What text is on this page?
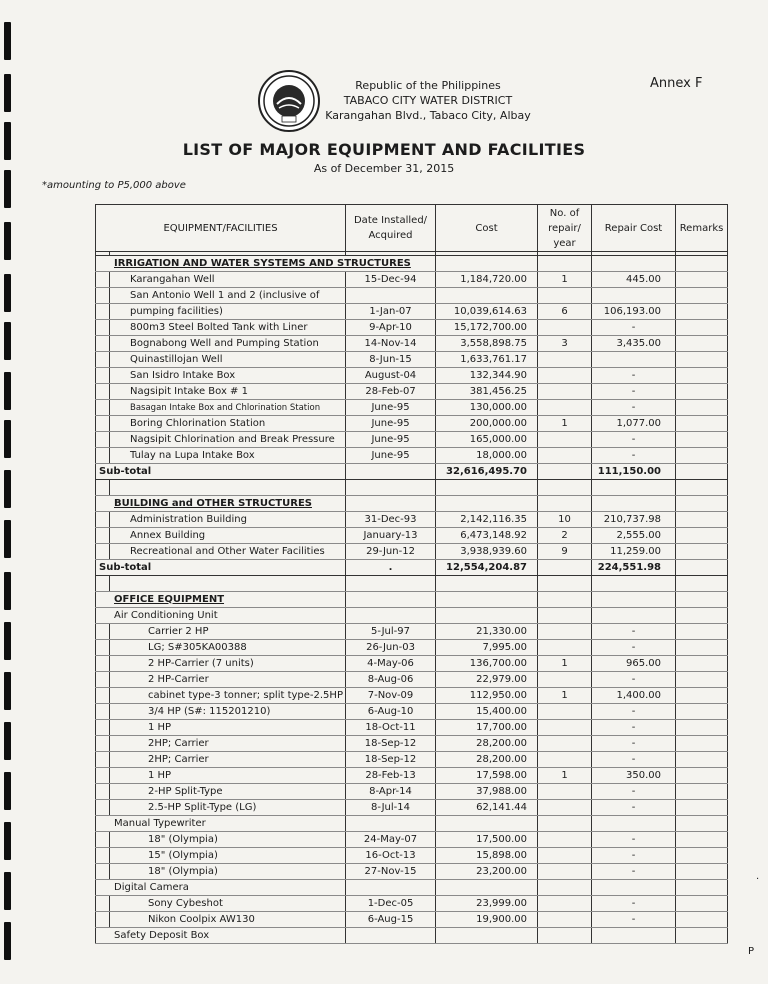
Republic of the Philippines
TABACO CITY WATER DISTRICT
Karangahan Blvd., Tabaco City, Albay
Annex F
LIST OF MAJOR EQUIPMENT AND FACILITIES
As of December 31, 2015
*amounting to P5,000 above
EQUIPMENT/FACILITIES		Date Installed/ Acquired	Cost	No. of repair/ year	Repair Cost	Remarks

IRRIGATION AND WATER SYSTEMS AND STRUCTURES						
	Karangahan Well	15-Dec-94	1,184,720.00	1	445.00	
	San Antonio Well 1 and 2 (inclusive of					
	pumping facilities)	1-Jan-07	10,039,614.63	6	106,193.00	
	800m3 Steel Bolted Tank with Liner	9-Apr-10	15,172,700.00		-	
	Bognabong Well and Pumping Station	14-Nov-14	3,558,898.75	3	3,435.00	
	Quinastillojan Well	8-Jun-15	1,633,761.17			
	San Isidro Intake Box	August-04	132,344.90		-	
	Nagsipit Intake Box # 1	28-Feb-07	381,456.25		-	
	Basagan Intake Box and Chlorination Station	June-95	130,000.00		-	
	Boring Chlorination Station	June-95	200,000.00	1	1,077.00	
	Nagsipit Chlorination and Break Pressure	June-95	165,000.00		-	
	Tulay na Lupa Intake Box	June-95	18,000.00		-	
Sub-total			32,616,495.70		111,150.00	

BUILDING and OTHER STRUCTURES						
	Administration Building	31-Dec-93	2,142,116.35	10	210,737.98	
	Annex Building	January-13	6,473,148.92	2	2,555.00	
	Recreational and Other Water Facilities	29-Jun-12	3,938,939.60	9	11,259.00	
Sub-total		.	12,554,204.87		224,551.98	

OFFICE EQUIPMENT						
Air Conditioning Unit						
	Carrier 2 HP	5-Jul-97	21,330.00		-	
	LG; S#305KA00388	26-Jun-03	7,995.00		-	
	2 HP-Carrier (7 units)	4-May-06	136,700.00	1	965.00	
	2 HP-Carrier	8-Aug-06	22,979.00		-	
	cabinet type-3 tonner; split type-2.5HP	7-Nov-09	112,950.00	1	1,400.00	
	3/4 HP (S#: 115201210)	6-Aug-10	15,400.00		-	
	1 HP	18-Oct-11	17,700.00		-	
	2HP; Carrier	18-Sep-12	28,200.00		-	
	2HP; Carrier	18-Sep-12	28,200.00		-	
	1 HP	28-Feb-13	17,598.00	1	350.00	
	2-HP Split-Type	8-Apr-14	37,988.00		-	
	2.5-HP Split-Type (LG)	8-Jul-14	62,141.44		-	
Manual Typewriter						
	18" (Olympia)	24-May-07	17,500.00		-	
	15" (Olympia)	16-Oct-13	15,898.00		-	
	18" (Olympia)	27-Nov-15	23,200.00		-	
Digital Camera						
	Sony Cybeshot	1-Dec-05	23,999.00		-	
	Nikon Coolpix AW130	6-Aug-15	19,900.00		-	
Safety Deposit Box						
·
P
